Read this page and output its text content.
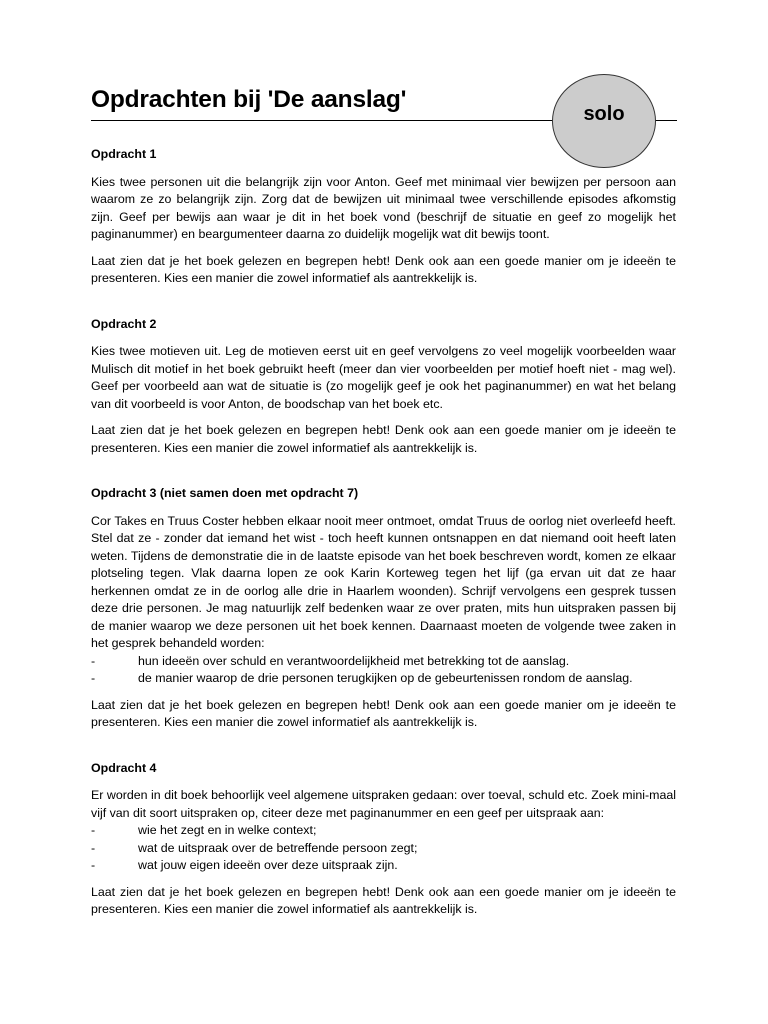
Opdrachten bij 'De aanslag'
solo
Opdracht 1

Kies twee personen uit die belangrijk zijn voor Anton. Geef met minimaal vier bewijzen per persoon aan waarom ze zo belangrijk zijn. Zorg dat de bewijzen uit minimaal twee verschillende episodes afkomstig zijn. Geef per bewijs aan waar je dit in het boek vond (beschrijf de situatie en geef zo mogelijk het paginanummer) en beargumenteer daarna zo duidelijk mogelijk wat dit bewijs toont.

Laat zien dat je het boek gelezen en begrepen hebt! Denk ook aan een goede manier om je ideeën te presenteren. Kies een manier die zowel informatief als aantrekkelijk is.

Opdracht 2

Kies twee motieven uit. Leg de motieven eerst uit en geef vervolgens zo veel mogelijk voorbeelden waar Mulisch dit motief in het boek gebruikt heeft (meer dan vier voorbeelden per motief hoeft niet - mag wel). Geef per voorbeeld aan wat de situatie is (zo mogelijk geef je ook het paginanummer) en wat het belang van dit voorbeeld is voor Anton, de boodschap van het boek etc.

Laat zien dat je het boek gelezen en begrepen hebt! Denk ook aan een goede manier om je ideeën te presenteren. Kies een manier die zowel informatief als aantrekkelijk is.

Opdracht 3 (niet samen doen met opdracht 7)

Cor Takes en Truus Coster hebben elkaar nooit meer ontmoet, omdat Truus de oorlog niet overleefd heeft. Stel dat ze - zonder dat iemand het wist - toch heeft kunnen ontsnappen en dat niemand ooit heeft laten weten. Tijdens de demonstratie die in de laatste episode van het boek beschreven wordt, komen ze elkaar plotseling tegen. Vlak daarna lopen ze ook Karin Korteweg tegen het lijf (ga ervan uit dat ze haar herkennen omdat ze in de oorlog alle drie in Haarlem woonden). Schrijf vervolgens een gesprek tussen deze drie personen. Je mag natuurlijk zelf bedenken waar ze over praten, mits hun uitspraken passen bij de manier waarop we deze personen uit het boek kennen. Daarnaast moeten de volgende twee zaken in het gesprek behandeld worden:

-	hun ideeën over schuld en verantwoordelijkheid met betrekking tot de aanslag.
-	de manier waarop de drie personen terugkijken op de gebeurtenissen rondom de aanslag.

Laat zien dat je het boek gelezen en begrepen hebt! Denk ook aan een goede manier om je ideeën te presenteren. Kies een manier die zowel informatief als aantrekkelijk is.

Opdracht 4

Er worden in dit boek behoorlijk veel algemene uitspraken gedaan: over toeval, schuld etc. Zoek mini-maal vijf van dit soort uitspraken op, citeer deze met paginanummer en een geef per uitspraak aan:

-	wie het zegt en in welke context;
-	wat de uitspraak over de betreffende persoon zegt;
-	wat jouw eigen ideeën over deze uitspraak zijn.

Laat zien dat je het boek gelezen en begrepen hebt! Denk ook aan een goede manier om je ideeën te presenteren. Kies een manier die zowel informatief als aantrekkelijk is.
